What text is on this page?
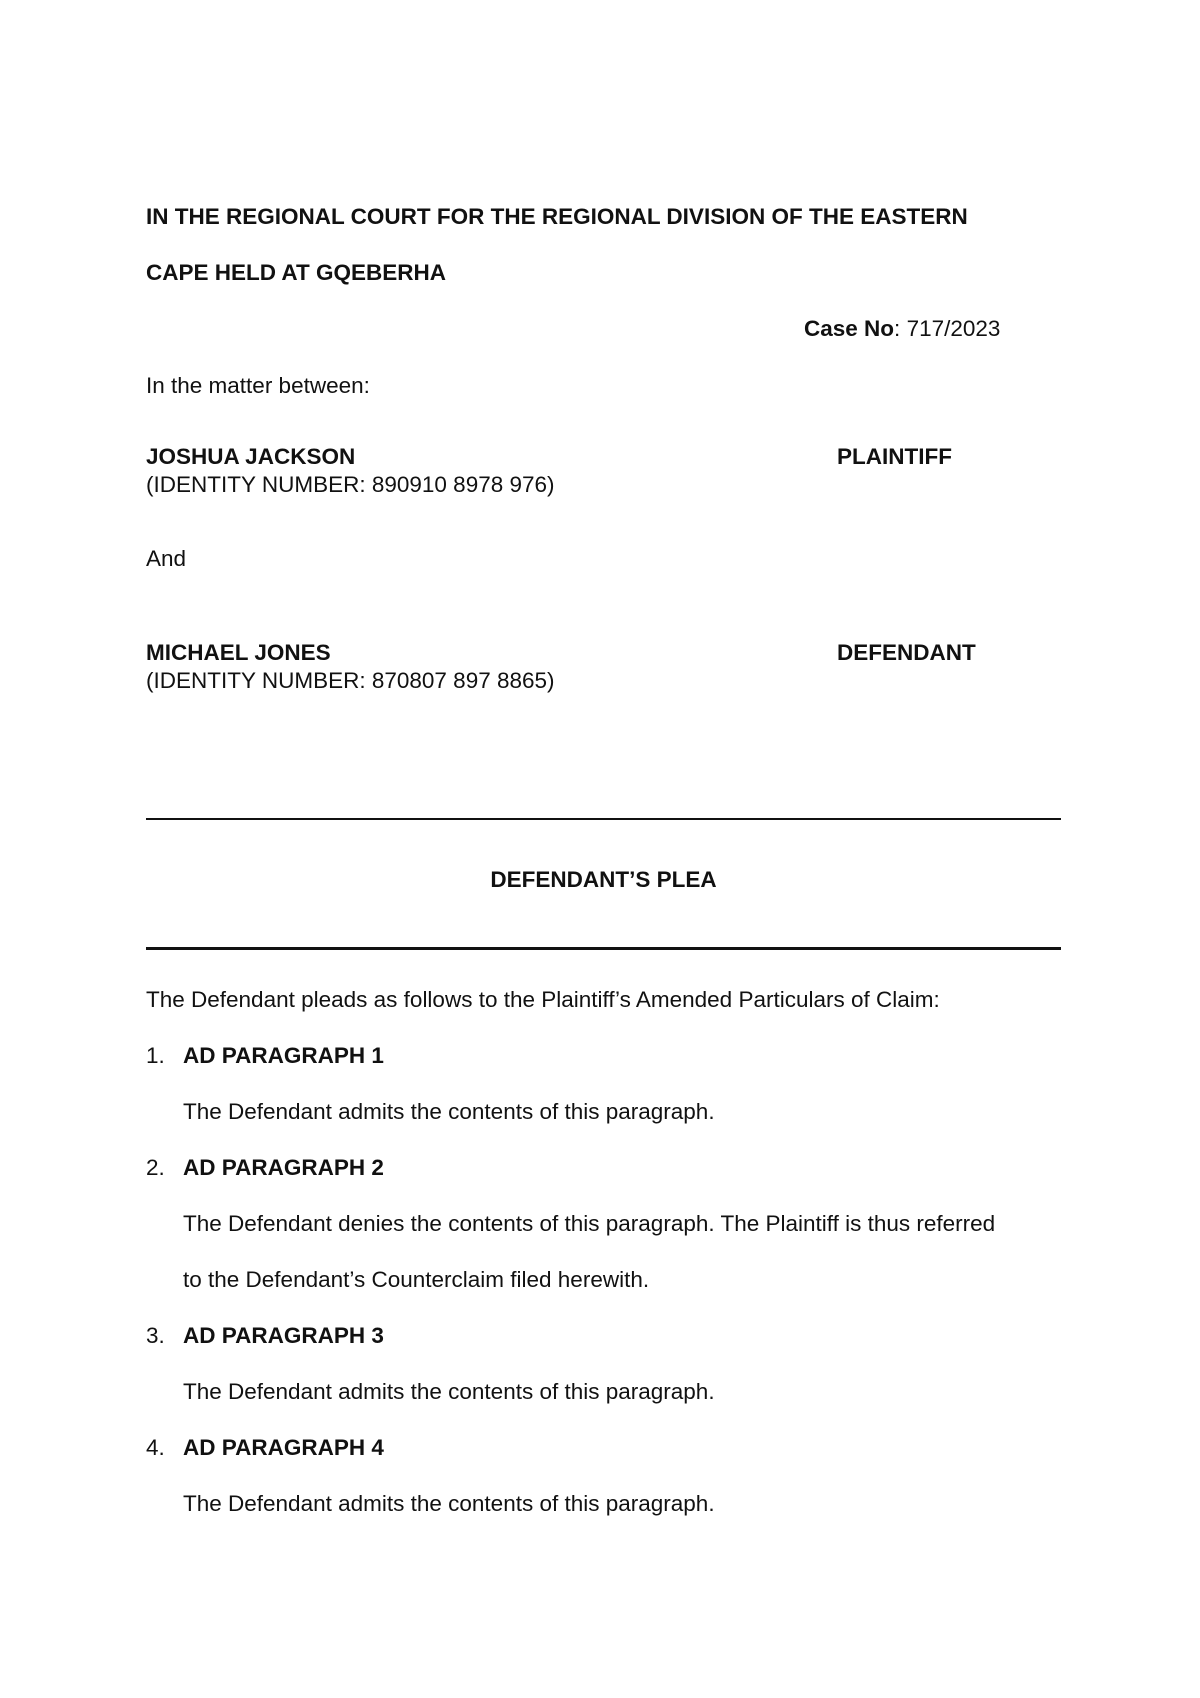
IN THE REGIONAL COURT FOR THE REGIONAL DIVISION OF THE EASTERN
CAPE HELD AT GQEBERHA
Case No: 717/2023
In the matter between:
JOSHUA JACKSON	PLAINTIFF
(IDENTITY NUMBER: 890910 8978 976)
And
MICHAEL JONES	DEFENDANT
(IDENTITY NUMBER: 870807 897 8865)
DEFENDANT’S PLEA
The Defendant pleads as follows to the Plaintiff’s Amended Particulars of Claim:
1. AD PARAGRAPH 1
The Defendant admits the contents of this paragraph.
2. AD PARAGRAPH 2
The Defendant denies the contents of this paragraph. The Plaintiff is thus referred
to the Defendant’s Counterclaim filed herewith.
3. AD PARAGRAPH 3
The Defendant admits the contents of this paragraph.
4. AD PARAGRAPH 4
The Defendant admits the contents of this paragraph.
